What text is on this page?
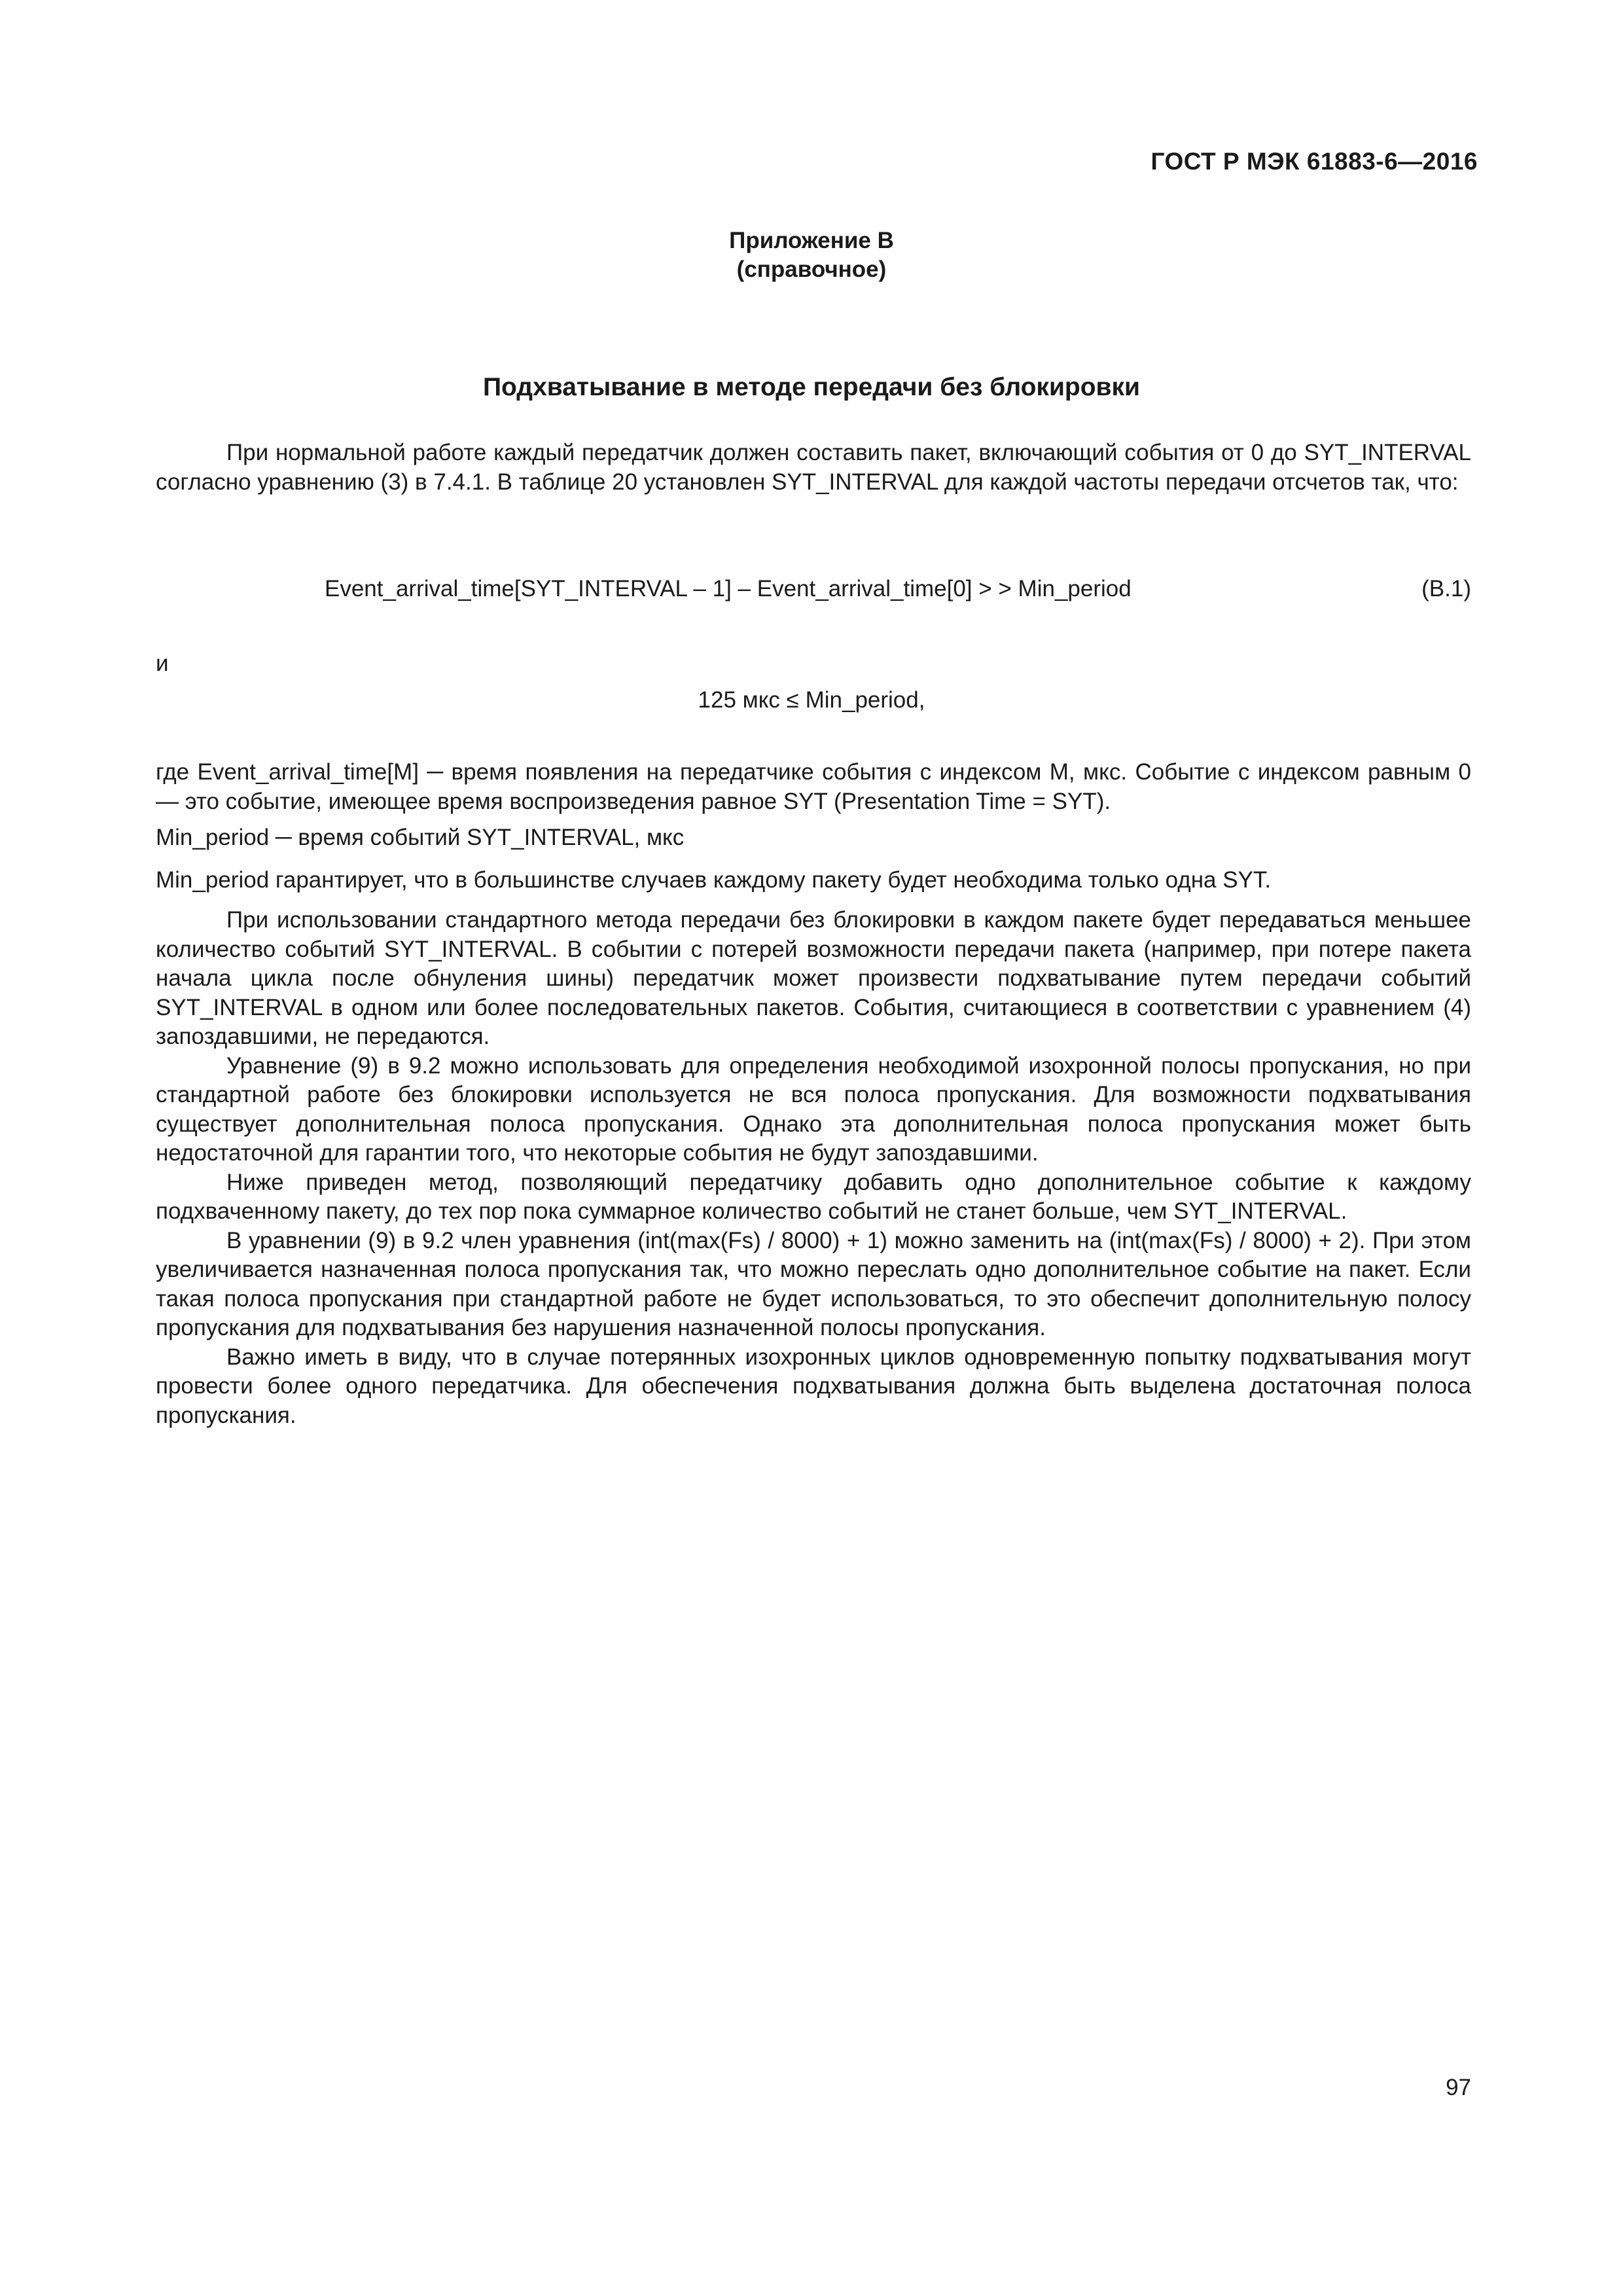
ГОСТ Р МЭК 61883-6—2016
Приложение В
(справочное)
Подхватывание в методе передачи без блокировки

При нормальной работе каждый передатчик должен составить пакет, включающий события от 0 до SYT_INTERVAL согласно уравнению (3) в 7.4.1. В таблице 20 установлен SYT_INTERVAL для каждой частоты передачи отсчетов так, что:

Event_arrival_time[SYT_INTERVAL – 1] – Event_arrival_time[0] > > Min_period	(В.1)
и
125 мкс ≤ Min_period,

где Event_arrival_time[M] ─ время появления на передатчике события с индексом М, мкс. Событие с индексом равным 0 — это событие, имеющее время воспроизведения равное SYT (Presentation Time = SYT).

Min_period ─ время событий SYT_INTERVAL, мкс

Min_period гарантирует, что в большинстве случаев каждому пакету будет необходима только одна SYT.

При использовании стандартного метода передачи без блокировки в каждом пакете будет передаваться меньшее количество событий SYT_INTERVAL. В событии с потерей возможности передачи пакета (например, при потере пакета начала цикла после обнуления шины) передатчик может произвести подхватывание путем передачи событий SYT_INTERVAL в одном или более последовательных пакетов. События, считающиеся в соответствии с уравнением (4) запоздавшими, не передаются.

Уравнение (9) в 9.2 можно использовать для определения необходимой изохронной полосы пропускания, но при стандартной работе без блокировки используется не вся полоса пропускания. Для возможности подхватывания существует дополнительная полоса пропускания. Однако эта дополнительная полоса пропускания может быть недостаточной для гарантии того, что некоторые события не будут запоздавшими.

Ниже приведен метод, позволяющий передатчику добавить одно дополнительное событие к каждому подхваченному пакету, до тех пор пока суммарное количество событий не станет больше, чем SYT_INTERVAL.

В уравнении (9) в 9.2 член уравнения (int(max(Fs) / 8000) + 1) можно заменить на (int(max(Fs) / 8000) + 2). При этом увеличивается назначенная полоса пропускания так, что можно переслать одно дополнительное событие на пакет. Если такая полоса пропускания при стандартной работе не будет использоваться, то это обеспечит дополнительную полосу пропускания для подхватывания без нарушения назначенной полосы пропускания.

Важно иметь в виду, что в случае потерянных изохронных циклов одновременную попытку подхватывания могут провести более одного передатчика. Для обеспечения подхватывания должна быть выделена достаточная полоса пропускания.

97
